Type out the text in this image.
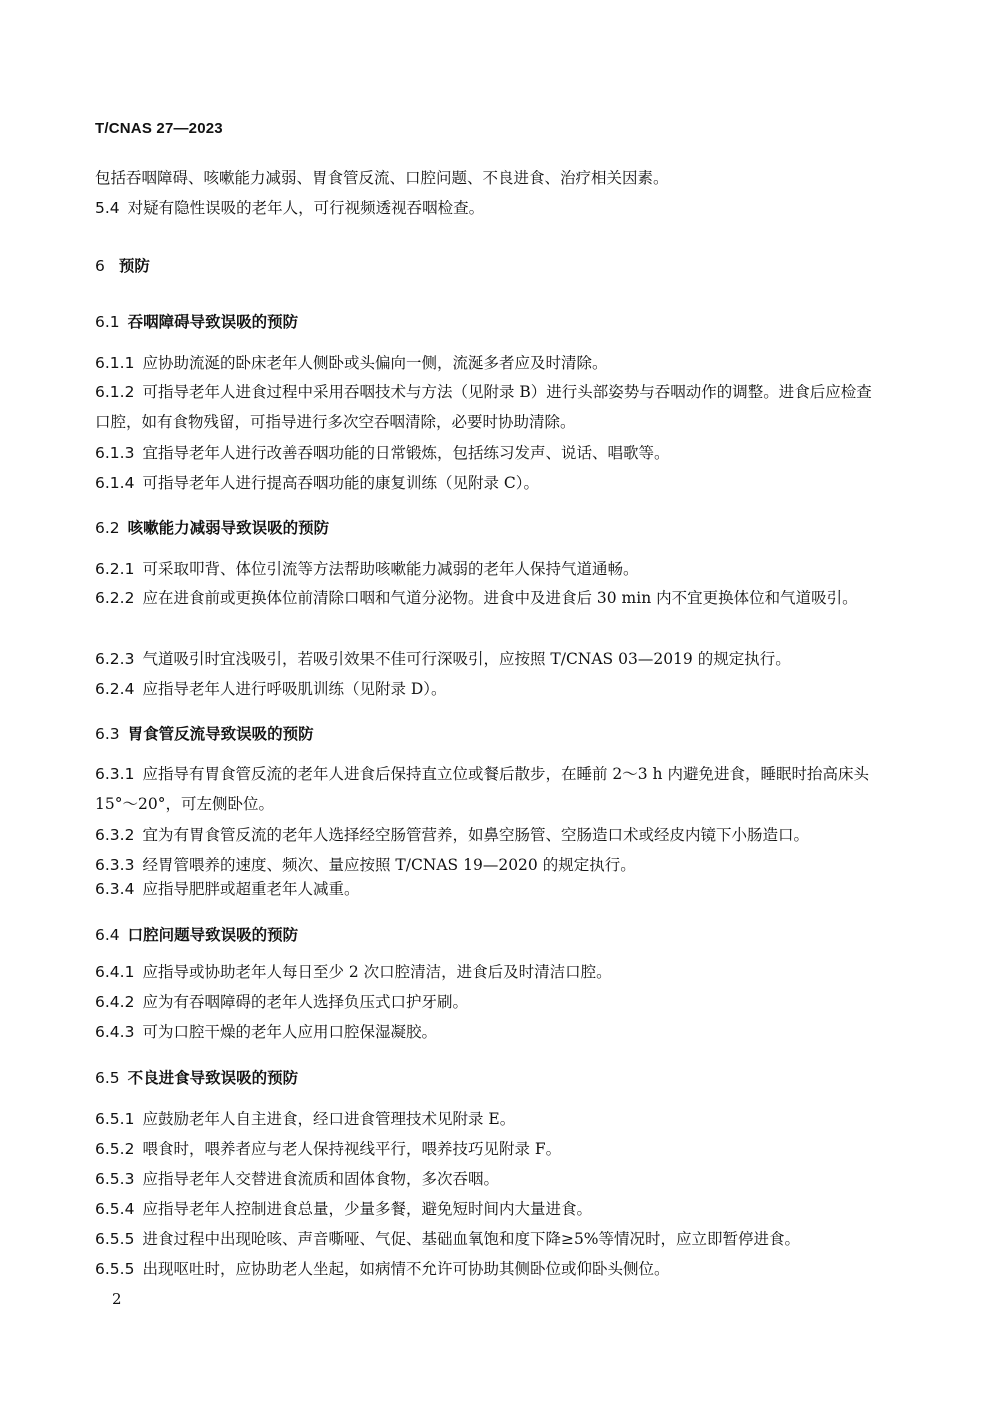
T/CNAS 27—2023
包括吞咽障碍、咳嗽能力减弱、胃食管反流、口腔问题、不良进食、治疗相关因素。
5.4 对疑有隐性误吸的老年人，可行视频透视吞咽检查。
6 预防
6.1 吞咽障碍导致误吸的预防
6.1.1 应协助流涎的卧床老年人侧卧或头偏向一侧，流涎多者应及时清除。
6.1.2 可指导老年人进食过程中采用吞咽技术与方法（见附录 B）进行头部姿势与吞咽动作的调整。进食后应检查口腔，如有食物残留，可指导进行多次空吞咽清除，必要时协助清除。
6.1.3 宜指导老年人进行改善吞咽功能的日常锻炼，包括练习发声、说话、唱歌等。
6.1.4 可指导老年人进行提高吞咽功能的康复训练（见附录 C）。
6.2 咳嗽能力减弱导致误吸的预防
6.2.1 可采取叩背、体位引流等方法帮助咳嗽能力减弱的老年人保持气道通畅。
6.2.2 应在进食前或更换体位前清除口咽和气道分泌物。进食中及进食后 30 min 内不宜更换体位和气道吸引。
6.2.3 气道吸引时宜浅吸引，若吸引效果不佳可行深吸引，应按照 T/CNAS 03—2019 的规定执行。
6.2.4 应指导老年人进行呼吸肌训练（见附录 D）。
6.3 胃食管反流导致误吸的预防
6.3.1 应指导有胃食管反流的老年人进食后保持直立位或餐后散步，在睡前 2～3 h 内避免进食，睡眠时抬高床头 15°～20°，可左侧卧位。
6.3.2 宜为有胃食管反流的老年人选择经空肠管营养，如鼻空肠管、空肠造口术或经皮内镜下小肠造口。
6.3.3 经胃管喂养的速度、频次、量应按照 T/CNAS 19—2020 的规定执行。
6.3.4 应指导肥胖或超重老年人减重。
6.4 口腔问题导致误吸的预防
6.4.1 应指导或协助老年人每日至少 2 次口腔清洁，进食后及时清洁口腔。
6.4.2 应为有吞咽障碍的老年人选择负压式口护牙刷。
6.4.3 可为口腔干燥的老年人应用口腔保湿凝胶。
6.5 不良进食导致误吸的预防
6.5.1 应鼓励老年人自主进食，经口进食管理技术见附录 E。
6.5.2 喂食时，喂养者应与老人保持视线平行，喂养技巧见附录 F。
6.5.3 应指导老年人交替进食流质和固体食物，多次吞咽。
6.5.4 应指导老年人控制进食总量，少量多餐，避免短时间内大量进食。
6.5.5 进食过程中出现呛咳、声音嘶哑、气促、基础血氧饱和度下降≥5%等情况时，应立即暂停进食。
6.5.5 出现呕吐时，应协助老人坐起，如病情不允许可协助其侧卧位或仰卧头侧位。
2
